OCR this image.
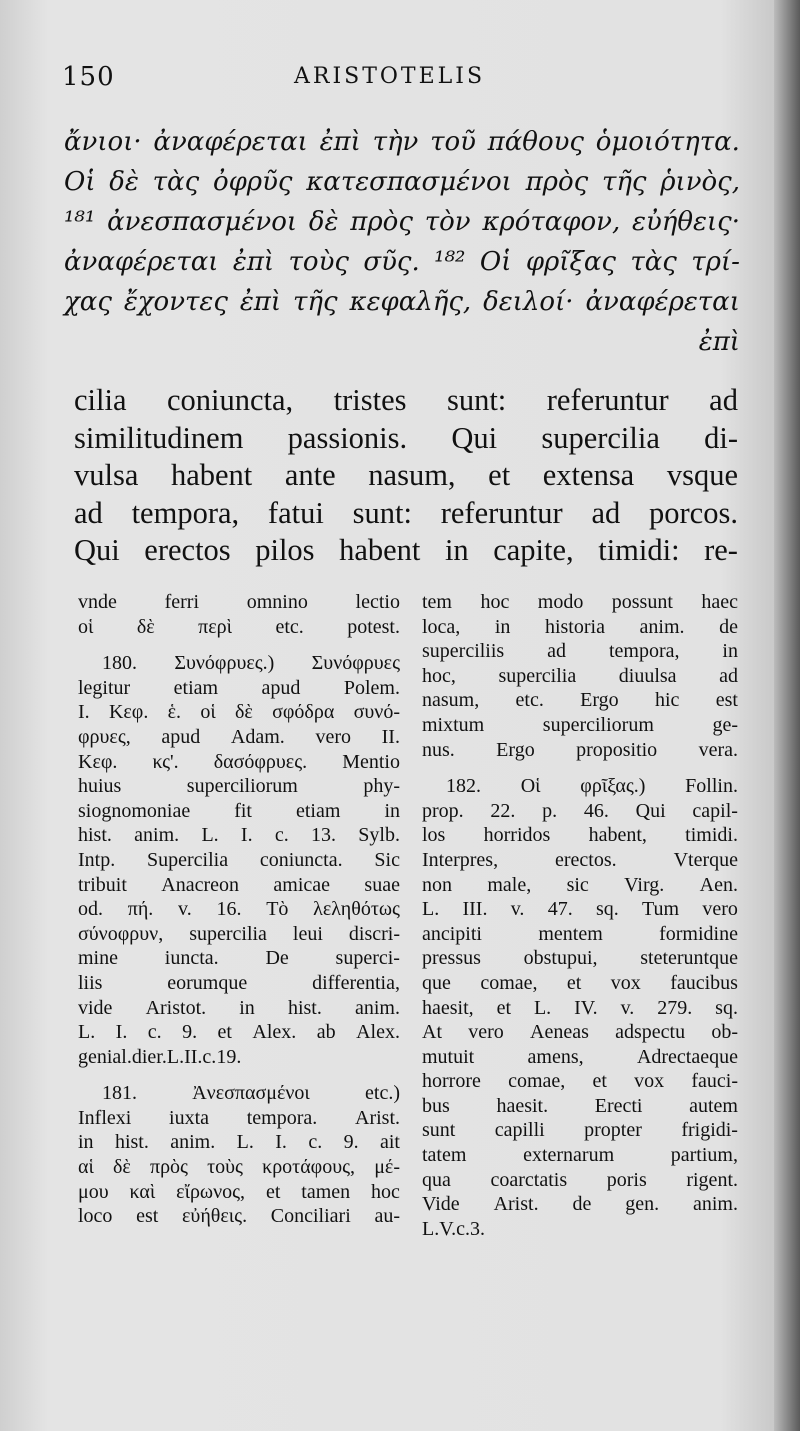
150	ARISTOTELIS
ἄνιοι· ἀναφέρεται ἐπὶ τὴν τοῦ πάθους ὁμοιότητα.
Οἱ δὲ τὰς ὀφρῦς κατεσπασμένοι πρὸς τῆς ῥινὸς,
¹⁸¹ ἀνεσπασμένοι δὲ πρὸς τὸν κρόταφον, εὐήθεις·
ἀναφέρεται ἐπὶ τοὺς σῦς. ¹⁸² Οἱ φρῖξας τὰς τρί-
χας ἔχοντες ἐπὶ τῆς κεφαλῆς, δειλοί· ἀναφέρεται
ἐπὶ
cilia coniuncta, tristes sunt: referuntur ad
similitudinem passionis. Qui supercilia di-
vulsa habent ante nasum, et extensa vsque
ad tempora, fatui sunt: referuntur ad porcos.
Qui erectos pilos habent in capite, timidi: re-
vnde ferri omnino lectio
οἱ δὲ περὶ etc. potest.
180. Συνόφρυες.) Συνόφρυες
legitur etiam apud Polem.
I. Κεφ. ἑ. οἱ δὲ σφόδρα συνό-
φρυες, apud Adam. vero II.
Κεφ. κς'. δασόφρυες. Mentio
huius	superciliorum	phy-
siognomoniae fit etiam in
hist. anim. L. I. c. 13. Sylb.
Intp. Supercilia coniuncta. Sic
tribuit Anacreon amicae suae
od. πή. v. 16. Τὸ λεληθότως
σύνοφρυν, supercilia leui discri-
mine iuncta. De superci-
liis	eorumque	differentia,
vide Aristot. in hist. anim.
L. I. c. 9. et Alex. ab Alex.
genial. dier. L. II. c. 19.
181.	Ἀνεσπασμένοι	etc.)
Inflexi iuxta tempora. Arist.
in hist. anim. L. I. c. 9. ait
αἱ δὲ πρὸς τοὺς κροτάφους, μέ-
μου καὶ εἴρωνος, et tamen hoc
loco est εὐήθεις. Conciliari au-
tem hoc modo possunt haec
loca, in historia anim. de
superciliis ad tempora, in
hoc, supercilia diuulsa ad
nasum, etc. Ergo hic est
mixtum	superciliorum	ge-
nus. Ergo propositio vera.
182. Οἱ φρῖξας.) Follin.
prop. 22. p. 46. Qui capil-
los horridos habent, timidi.
Interpres,	erectos.	Vterque
non male, sic Virg. Aen.
L. III. v. 47. sq. Tum vero
ancipiti	mentem	formidine
pressus obstupui, steteruntque
que comae, et vox faucibus
haesit, et L. IV. v. 279. sq.
At vero Aeneas adspectu ob-
mutuit	amens,	Adrectaeque
horrore comae, et vox fauci-
bus haesit. Erecti autem
sunt capilli propter frigidi-
tatem	externarum	partium,
qua coarctatis poris rigent.
Vide Arist. de gen. anim.
L. V. c. 3.
